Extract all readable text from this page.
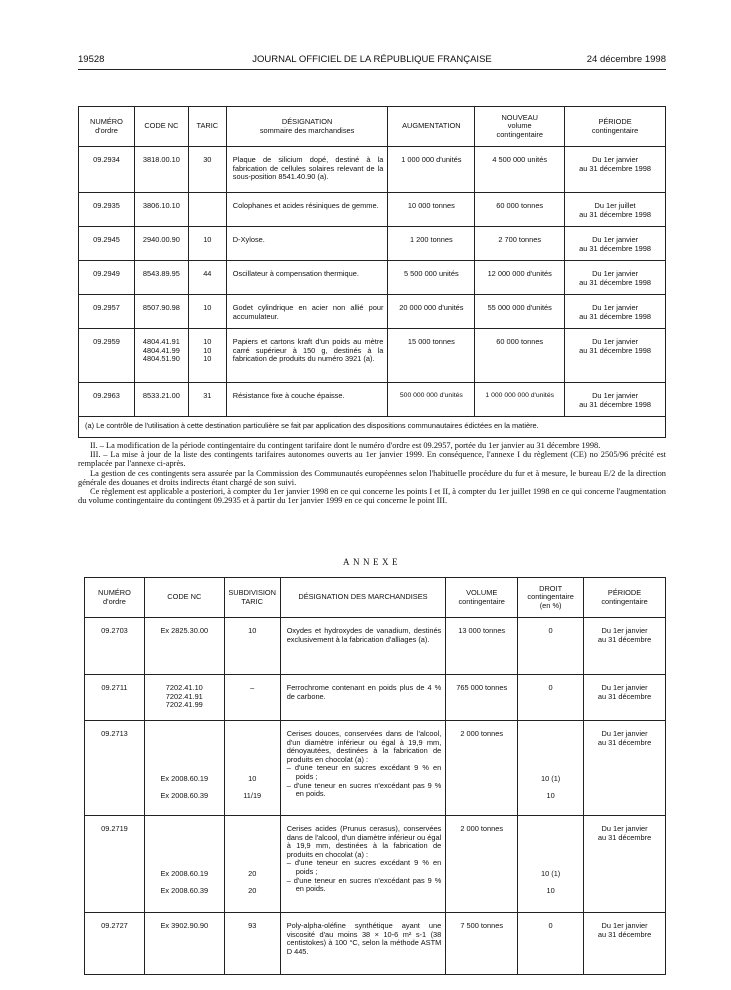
19528	JOURNAL OFFICIEL DE LA RÉPUBLIQUE FRANÇAISE	24 décembre 1998
NUMÉRO
d'ordre	CODE NC	TARIC	DÉSIGNATION
sommaire des marchandises	AUGMENTATION	NOUVEAU
volume
contingentaire	PÉRIODE
contingentaire
09.2934	3818.00.10	30	Plaque de silicium dopé, destiné à la fabrication de cellules solaires relevant de la sous-position 8541.40.90 (a).	1 000 000 d'unités	4 500 000 unités	Du 1er janvier
au 31 décembre 1998
09.2935	3806.10.10		Colophanes et acides résiniques de gemme.	10 000 tonnes	60 000 tonnes	Du 1er juillet
au 31 décembre 1998
09.2945	2940.00.90	10	D-Xylose.	1 200 tonnes	2 700 tonnes	Du 1er janvier
au 31 décembre 1998
09.2949	8543.89.95	44	Oscillateur à compensation thermique.	5 500 000 unités	12 000 000 d'unités	Du 1er janvier
au 31 décembre 1998
09.2957	8507.90.98	10	Godet cylindrique en acier non allié pour accumulateur.	20 000 000 d'unités	55 000 000 d'unités	Du 1er janvier
au 31 décembre 1998
09.2959	4804.41.91
4804.41.99
4804.51.90	10
10
10	Papiers et cartons kraft d'un poids au mètre carré supérieur à 150 g, destinés à la fabrication de produits du numéro 3921 (a).	15 000 tonnes	60 000 tonnes	Du 1er janvier
au 31 décembre 1998
09.2963	8533.21.00	31	Résistance fixe à couche épaisse.	500 000 000 d'unités	1 000 000 000 d'unités	Du 1er janvier
au 31 décembre 1998
(a) Le contrôle de l'utilisation à cette destination particulière se fait par application des dispositions communautaires édictées en la matière.						

II. – La modification de la période contingentaire du contingent tarifaire dont le numéro d'ordre est 09.2957, portée du 1er janvier au 31 décembre 1998.

III. – La mise à jour de la liste des contingents tarifaires autonomes ouverts au 1er janvier 1999. En conséquence, l'annexe I du règlement (CE) no 2505/96 précité est remplacée par l'annexe ci-après.

La gestion de ces contingents sera assurée par la Commission des Communautés européennes selon l'habituelle procédure du fur et à mesure, le bureau E/2 de la direction générale des douanes et droits indirects étant chargé de son suivi.

Ce règlement est applicable a posteriori, à compter du 1er janvier 1998 en ce qui concerne les points I et II, à compter du 1er juillet 1998 en ce qui concerne l'augmentation du volume contingentaire du contingent 09.2935 et à partir du 1er janvier 1999 en ce qui concerne le point III.

ANNEXE
NUMÉRO
d'ordre	CODE NC	SUBDIVISION
TARIC	DÉSIGNATION DES MARCHANDISES	VOLUME
contingentaire	DROIT
contingentaire
(en %)	PÉRIODE
contingentaire
09.2703	Ex 2825.30.00	10	Oxydes et hydroxydes de vanadium, destinés exclusivement à la fabrication d'alliages (a).	13 000 tonnes	0	Du 1er janvier
au 31 décembre
09.2711	7202.41.10
7202.41.91
7202.41.99	–	Ferrochrome contenant en poids plus de 4 % de carbone.	765 000 tonnes	0	Du 1er janvier
au 31 décembre
09.2713	Ex 2008.60.19
Ex 2008.60.39	10
11/19	Cerises douces, conservées dans de l'alcool, d'un diamètre inférieur ou égal à 19,9 mm, dénoyautées, destinées à la fabrication de produits en chocolat (a) :
– d'une teneur en sucres excédant 9 % en poids ;
– d'une teneur en sucres n'excédant pas 9 % en poids.	2 000 tonnes	10 (1)
10	Du 1er janvier
au 31 décembre
09.2719	Ex 2008.60.19
Ex 2008.60.39	20
20	Cerises acides (Prunus cerasus), conservées dans de l'alcool, d'un diamètre inférieur ou égal à 19,9 mm, destinées à la fabrication de produits en chocolat (a) :
– d'une teneur en sucres excédant 9 % en poids ;
– d'une teneur en sucres n'excédant pas 9 % en poids.	2 000 tonnes	10 (1)
10	Du 1er janvier
au 31 décembre
09.2727	Ex 3902.90.90	93	Poly-alpha-oléfine synthétique ayant une viscosité d'au moins 38 × 10-6 m² s-1 (38 centistokes) à 100 °C, selon la méthode ASTM D 445.	7 500 tonnes	0	Du 1er janvier
au 31 décembre
